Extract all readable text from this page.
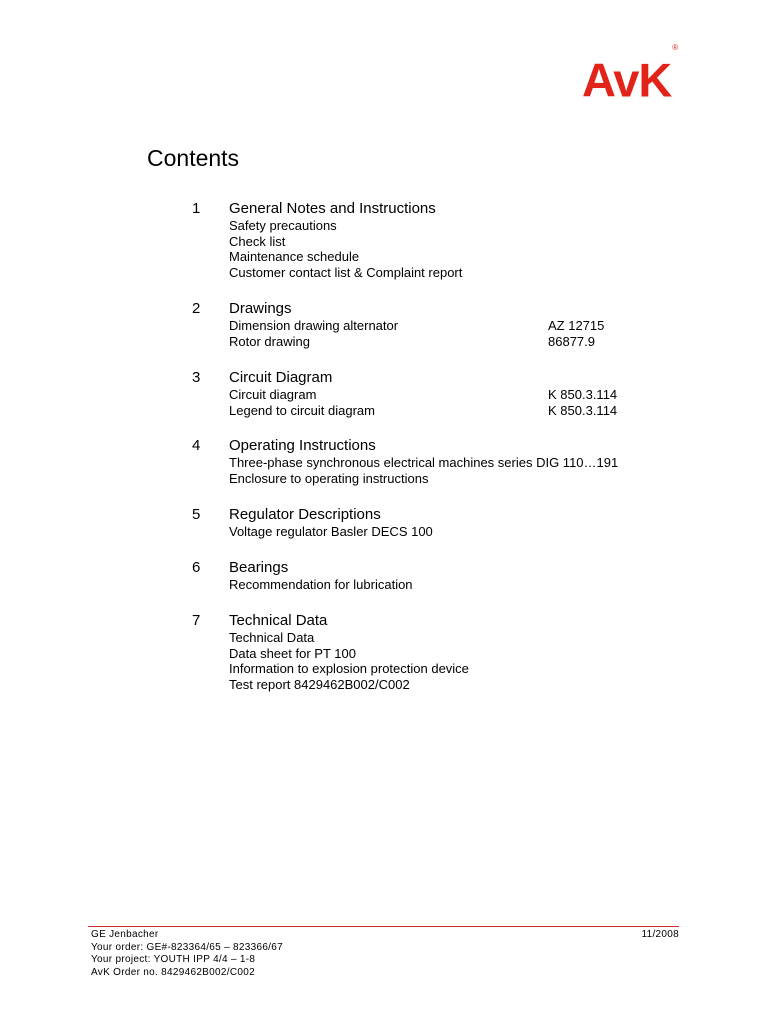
AvK®
Contents
1 General Notes and Instructions
Safety precautions
Check list
Maintenance schedule
Customer contact list & Complaint report
2 Drawings
Dimension drawing alternator	AZ 12715
Rotor drawing	86877.9
3 Circuit Diagram
Circuit diagram	K 850.3.114
Legend to circuit diagram	K 850.3.114
4 Operating Instructions
Three-phase synchronous electrical machines series DIG 110…191
Enclosure to operating instructions
5 Regulator Descriptions
Voltage regulator Basler DECS 100
6 Bearings
Recommendation for lubrication
7 Technical Data
Technical Data
Data sheet for PT 100
Information to explosion protection device
Test report 8429462B002/C002
GE Jenbacher
Your order: GE#-823364/65 – 823366/67
Your project: YOUTH IPP 4/4 – 1-8
AvK Order no. 8429462B002/C002
11/2008
